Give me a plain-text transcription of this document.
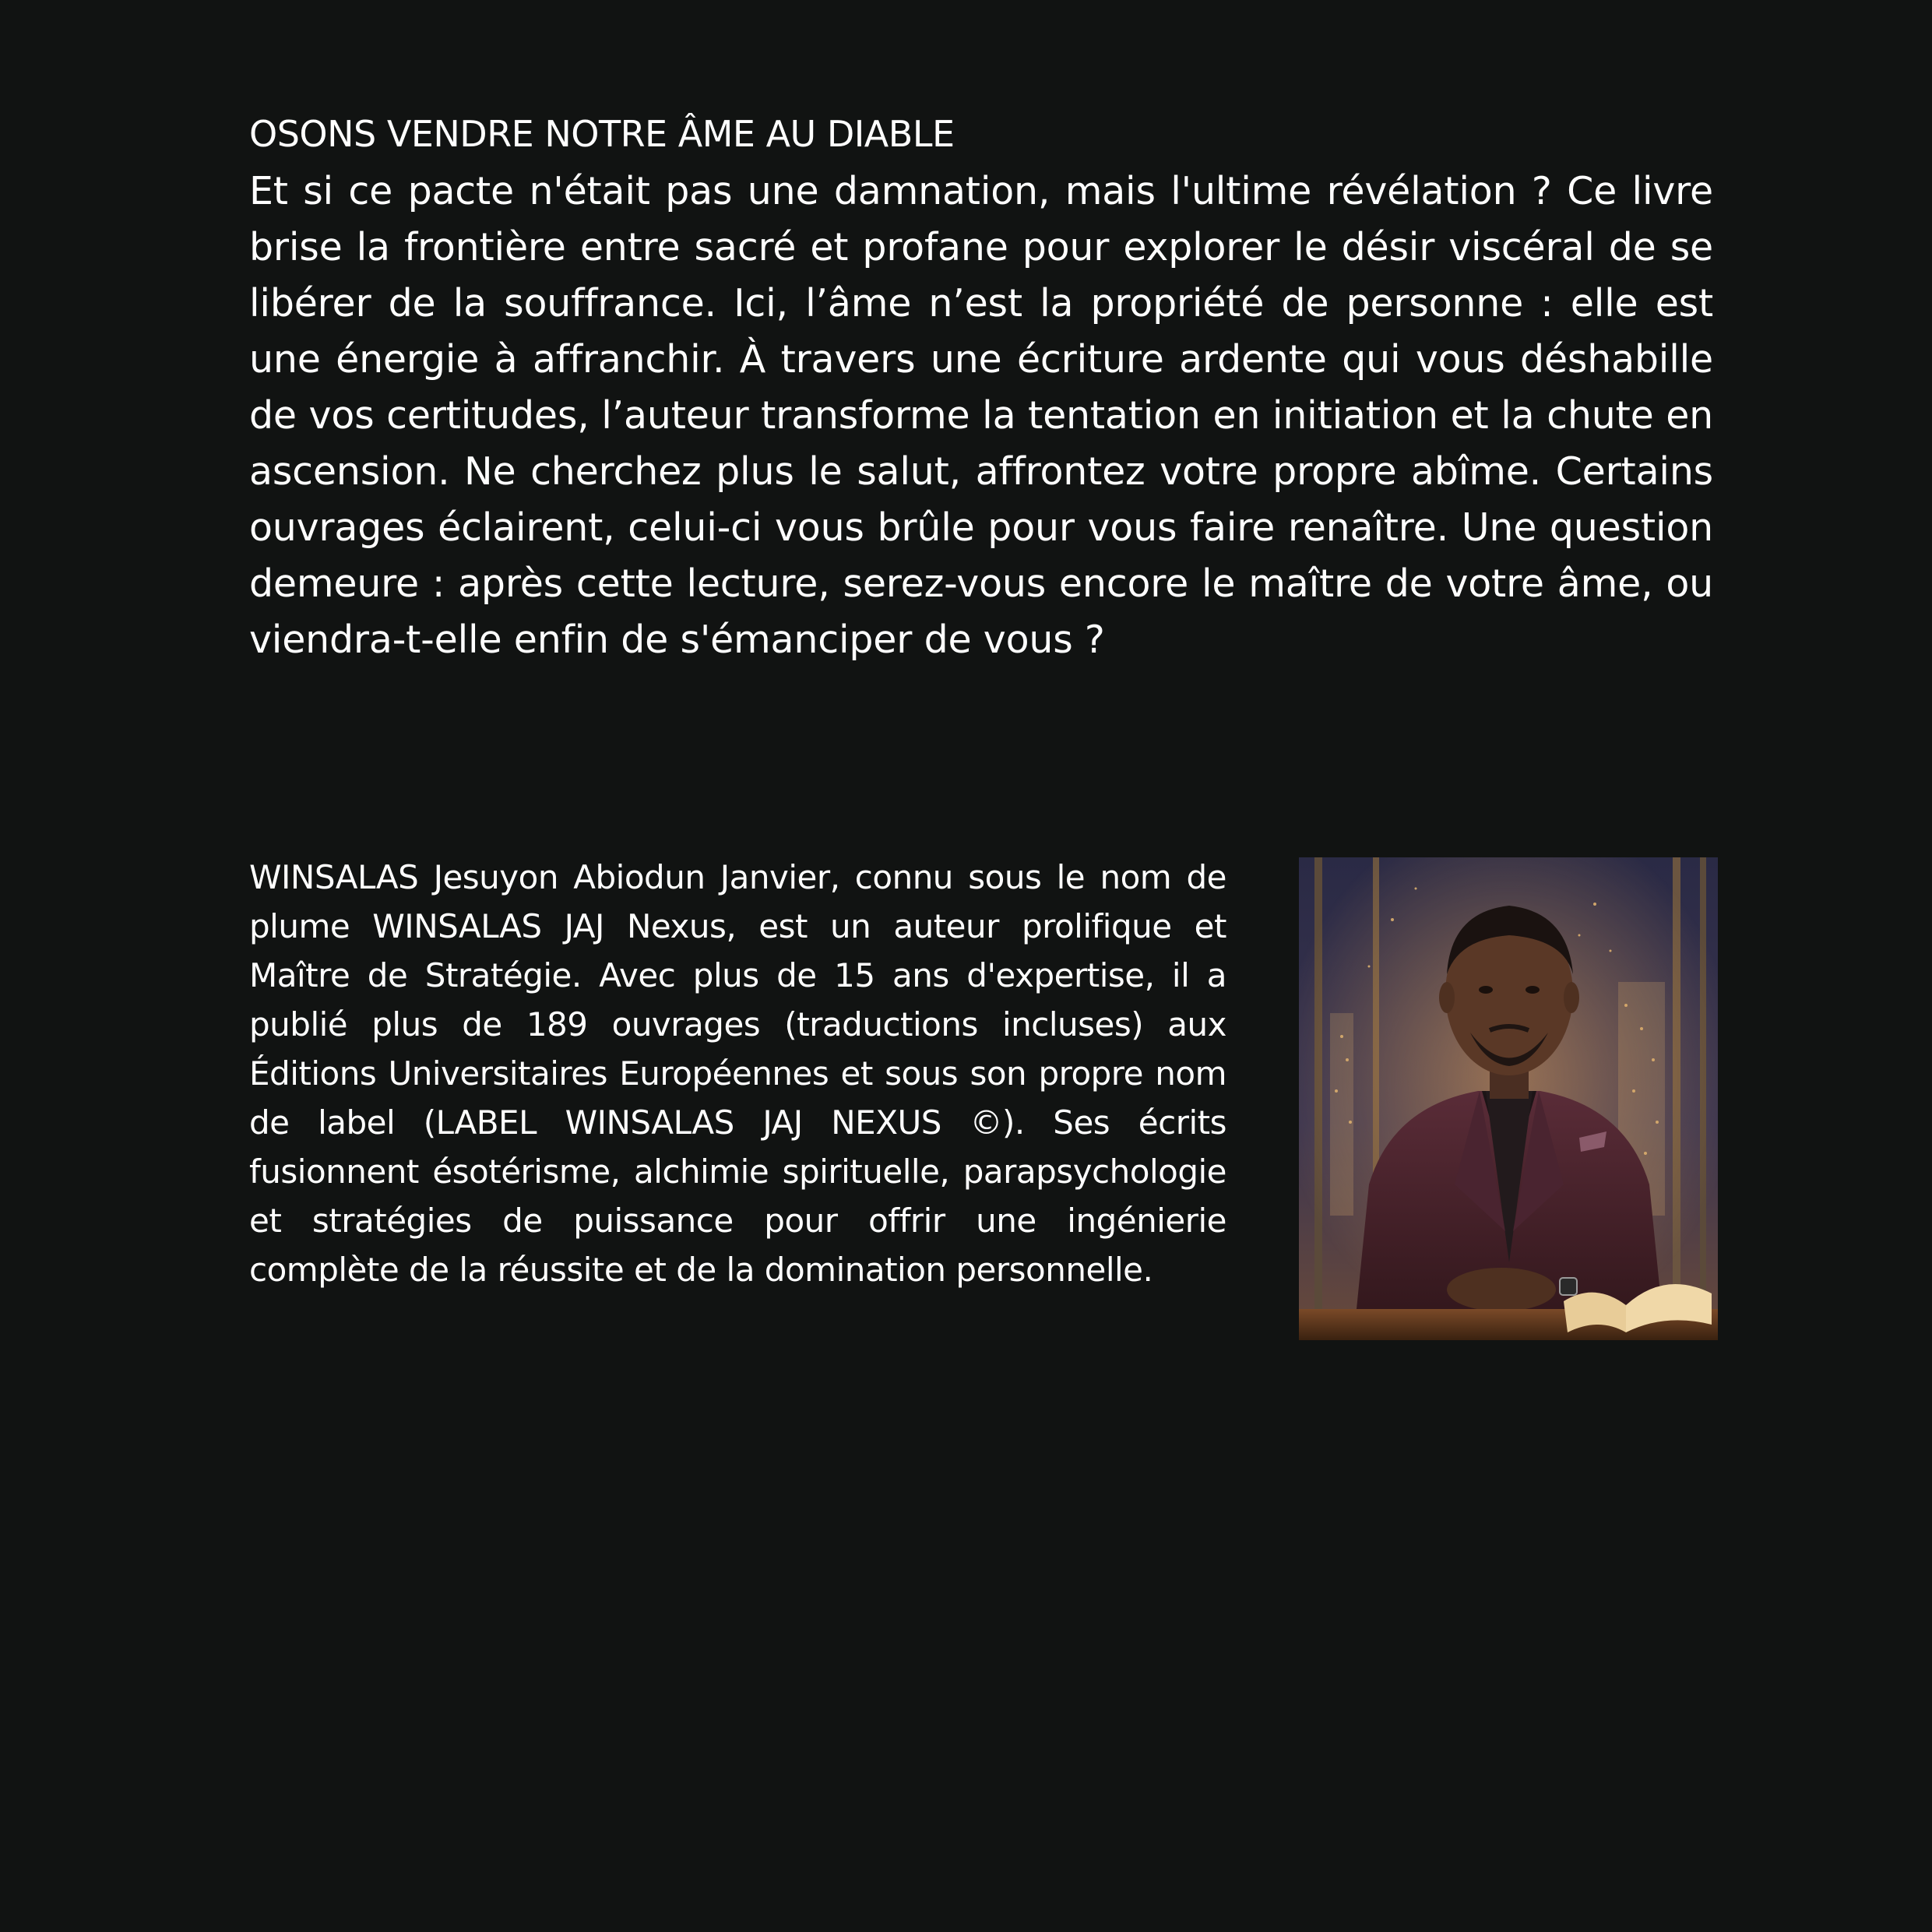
OSONS VENDRE NOTRE ÂME AU DIABLE

Et si ce pacte n'était pas une damnation, mais l'ultime révélation ? Ce livre brise la frontière entre sacré et profane pour explorer le désir viscéral de se libérer de la souffrance. Ici, l’âme n’est la propriété de personne : elle est une énergie à affranchir. À travers une écriture ardente qui vous déshabille de vos certitudes, l’auteur transforme la tentation en initiation et la chute en ascension. Ne cherchez plus le salut, affrontez votre propre abîme. Certains ouvrages éclairent, celui-ci vous brûle pour vous faire renaître. Une question demeure : après cette lecture, serez-vous encore le maître de votre âme, ou viendra-t-elle enfin de s'émanciper de vous ?

WINSALAS Jesuyon Abiodun Janvier, connu sous le nom de plume WINSALAS JAJ Nexus, est un auteur prolifique et Maître de Stratégie. Avec plus de 15 ans d'expertise, il a publié plus de 189 ouvrages (traductions incluses) aux Éditions Universitaires Européennes et sous son propre nom de label (LABEL WINSALAS JAJ NEXUS ©). Ses écrits fusionnent ésotérisme, alchimie spirituelle, parapsychologie et stratégies de puissance pour offrir une ingénierie complète de la réussite et de la domination personnelle.
